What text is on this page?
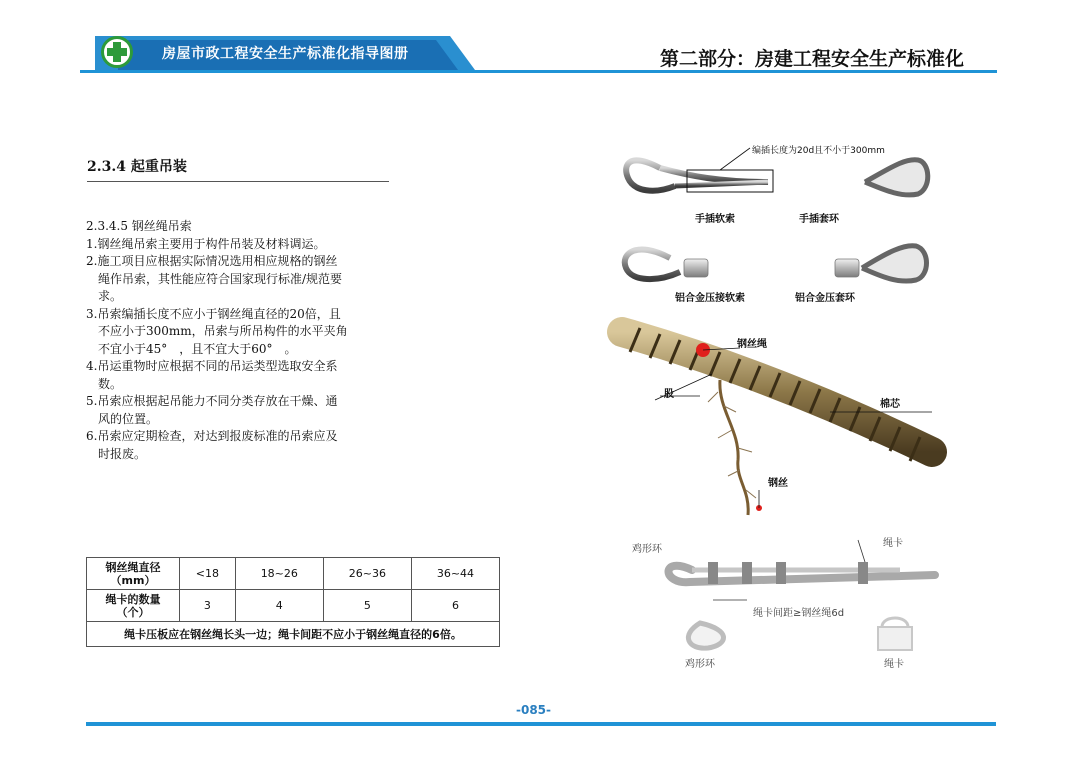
房屋市政工程安全生产标准化指导图册	第二部分：房建工程安全生产标准化
2.3.4 起重吊装

2.3.4.5 钢丝绳吊索

1.钢丝绳吊索主要用于构件吊装及材料调运。

2.施工项目应根据实际情况选用相应规格的钢丝

绳作吊索，其性能应符合国家现行标准/规范要

求。

3.吊索编插长度不应小于钢丝绳直径的20倍，且

不应小于300mm，吊索与所吊构件的水平夹角

不宜小于45°　，且不宜大于60°　。

4.吊运重物时应根据不同的吊运类型选取安全系

数。

5.吊索应根据起吊能力不同分类存放在干燥、通

风的位置。

6.吊索应定期检查，对达到报废标准的吊索应及

时报废。

钢丝绳直径
（mm）	<18	18~26	26~36	36~44

绳卡的数量
（个）	3	4	5	6
绳卡压板应在钢丝绳长头一边；绳卡间距不应小于钢丝绳直径的6倍。				
编插长度为20d且不小于300mm
手插软索	手插套环
铝合金压接软索	铝合金压套环
钢丝绳
股
棉芯
钢丝
鸡形环
绳卡
绳卡间距≥钢丝绳6d
鸡形环	绳卡
-085-
